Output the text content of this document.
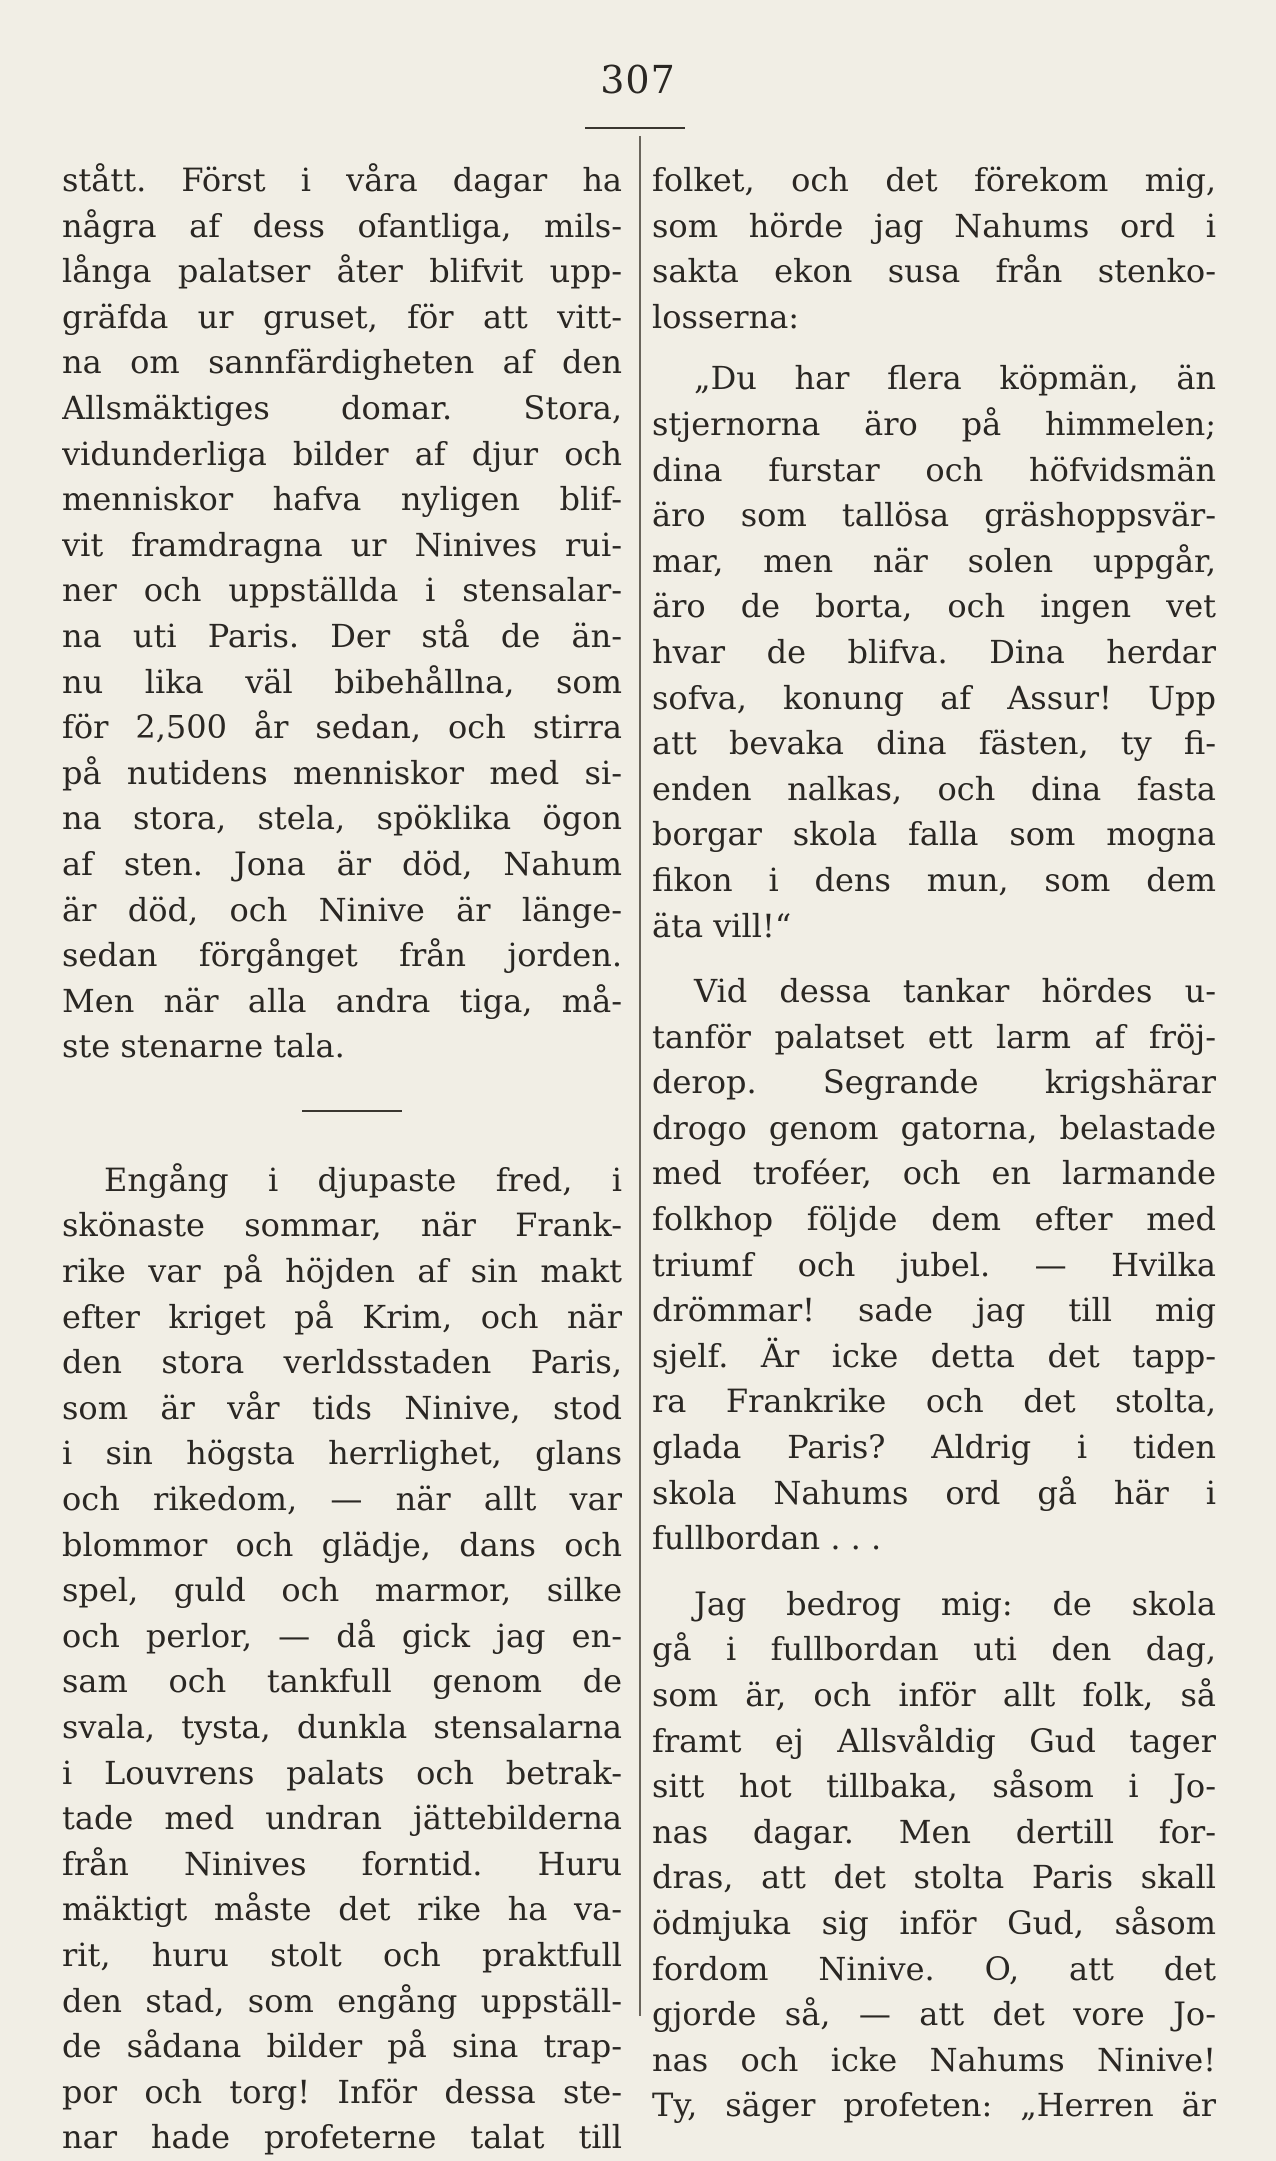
307
stått. Först i våra dagar ha
några af dess ofantliga, mils-
långa palatser åter blifvit upp-
gräfda ur gruset, för att vitt-
na om sannfärdigheten af den
Allsmäktiges domar. Stora,
vidunderliga bilder af djur och
menniskor hafva nyligen blif-
vit framdragna ur Ninives rui-
ner och uppställda i stensalar-
na uti Paris. Der stå de än-
nu lika väl bibehållna, som
för 2,500 år sedan, och stirra
på nutidens menniskor med si-
na stora, stela, spöklika ögon
af sten. Jona är död, Nahum
är död, och Ninive är länge-
sedan förgånget från jorden.
Men när alla andra tiga, må-
ste stenarne tala.
Engång i djupaste fred, i
skönaste sommar, när Frank-
rike var på höjden af sin makt
efter kriget på Krim, och när
den stora verldsstaden Paris,
som är vår tids Ninive, stod
i sin högsta herrlighet, glans
och rikedom, — när allt var
blommor och glädje, dans och
spel, guld och marmor, silke
och perlor, — då gick jag en-
sam och tankfull genom de
svala, tysta, dunkla stensalarna
i Louvrens palats och betrak-
tade med undran jättebilderna
från Ninives forntid. Huru
mäktigt måste det rike ha va-
rit, huru stolt och praktfull
den stad, som engång uppställ-
de sådana bilder på sina trap-
por och torg! Inför dessa ste-
nar hade profeterne talat till
folket, och det förekom mig,
som hörde jag Nahums ord i
sakta ekon susa från stenko-
losserna:
„Du har flera köpmän, än
stjernorna äro på himmelen;
dina furstar och höfvidsmän
äro som tallösa gräshoppsvär-
mar, men när solen uppgår,
äro de borta, och ingen vet
hvar de blifva. Dina herdar
sofva, konung af Assur! Upp
att bevaka dina fästen, ty fi-
enden nalkas, och dina fasta
borgar skola falla som mogna
fikon i dens mun, som dem
äta vill!“
Vid dessa tankar hördes u-
tanför palatset ett larm af fröj-
derop. Segrande krigshärar
drogo genom gatorna, belastade
med troféer, och en larmande
folkhop följde dem efter med
triumf och jubel. — Hvilka
drömmar! sade jag till mig
sjelf. Är icke detta det tapp-
ra Frankrike och det stolta,
glada Paris? Aldrig i tiden
skola Nahums ord gå här i
fullbordan . . .
Jag bedrog mig: de skola
gå i fullbordan uti den dag,
som är, och inför allt folk, så
framt ej Allsvåldig Gud tager
sitt hot tillbaka, såsom i Jo-
nas dagar. Men dertill for-
dras, att det stolta Paris skall
ödmjuka sig inför Gud, såsom
fordom Ninive. O, att det
gjorde så, — att det vore Jo-
nas och icke Nahums Ninive!
Ty, säger profeten: „Herren är
